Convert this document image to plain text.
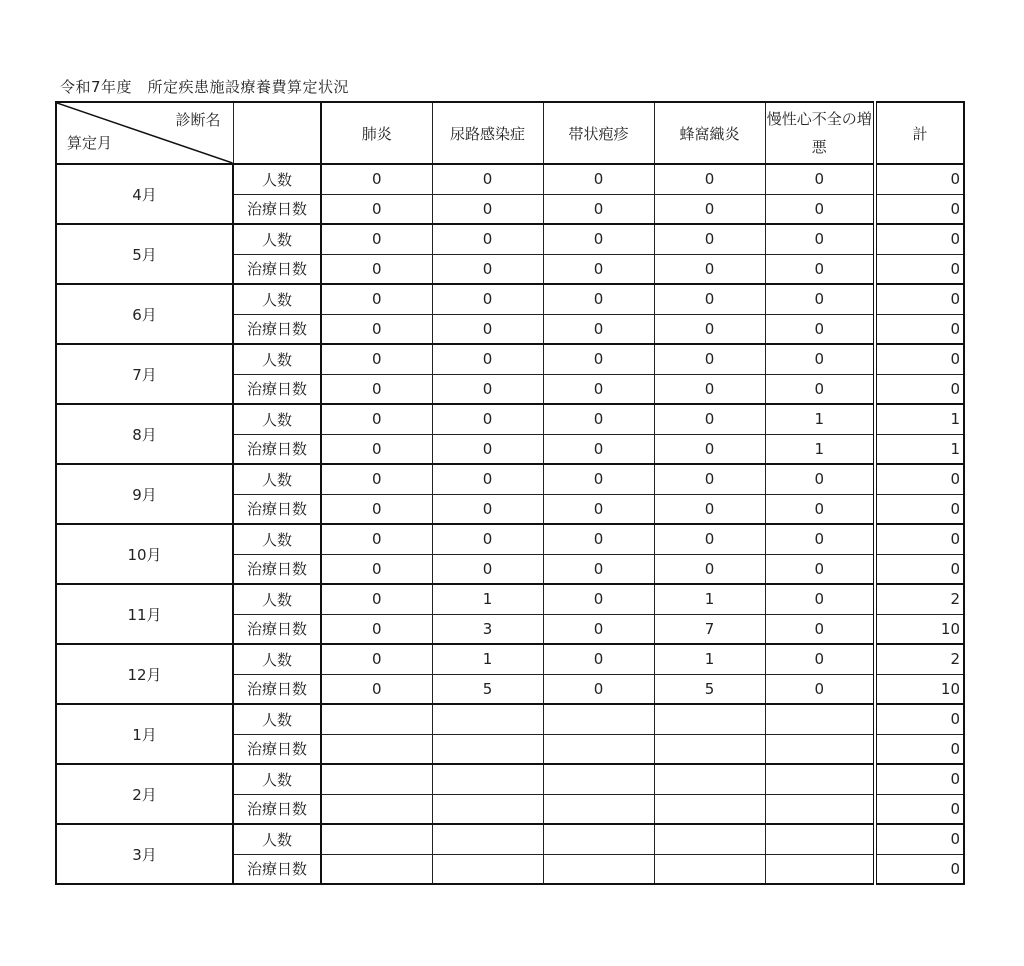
令和7年度　所定疾患施設療養費算定状況
診断名
算定月		肺炎	尿路感染症	帯状疱疹	蜂窩織炎	慢性心不全の増悪	計
4月	人数	0	0	0	0	0	0
	治療日数	0	0	0	0	0	0
5月	人数	0	0	0	0	0	0
	治療日数	0	0	0	0	0	0
6月	人数	0	0	0	0	0	0
	治療日数	0	0	0	0	0	0
7月	人数	0	0	0	0	0	0
	治療日数	0	0	0	0	0	0
8月	人数	0	0	0	0	1	1
	治療日数	0	0	0	0	1	1
9月	人数	0	0	0	0	0	0
	治療日数	0	0	0	0	0	0
10月	人数	0	0	0	0	0	0
	治療日数	0	0	0	0	0	0
11月	人数	0	1	0	1	0	2
	治療日数	0	3	0	7	0	10
12月	人数	0	1	0	1	0	2
	治療日数	0	5	0	5	0	10
1月	人数						0
	治療日数						0
2月	人数						0
	治療日数						0
3月	人数						0
	治療日数						0
